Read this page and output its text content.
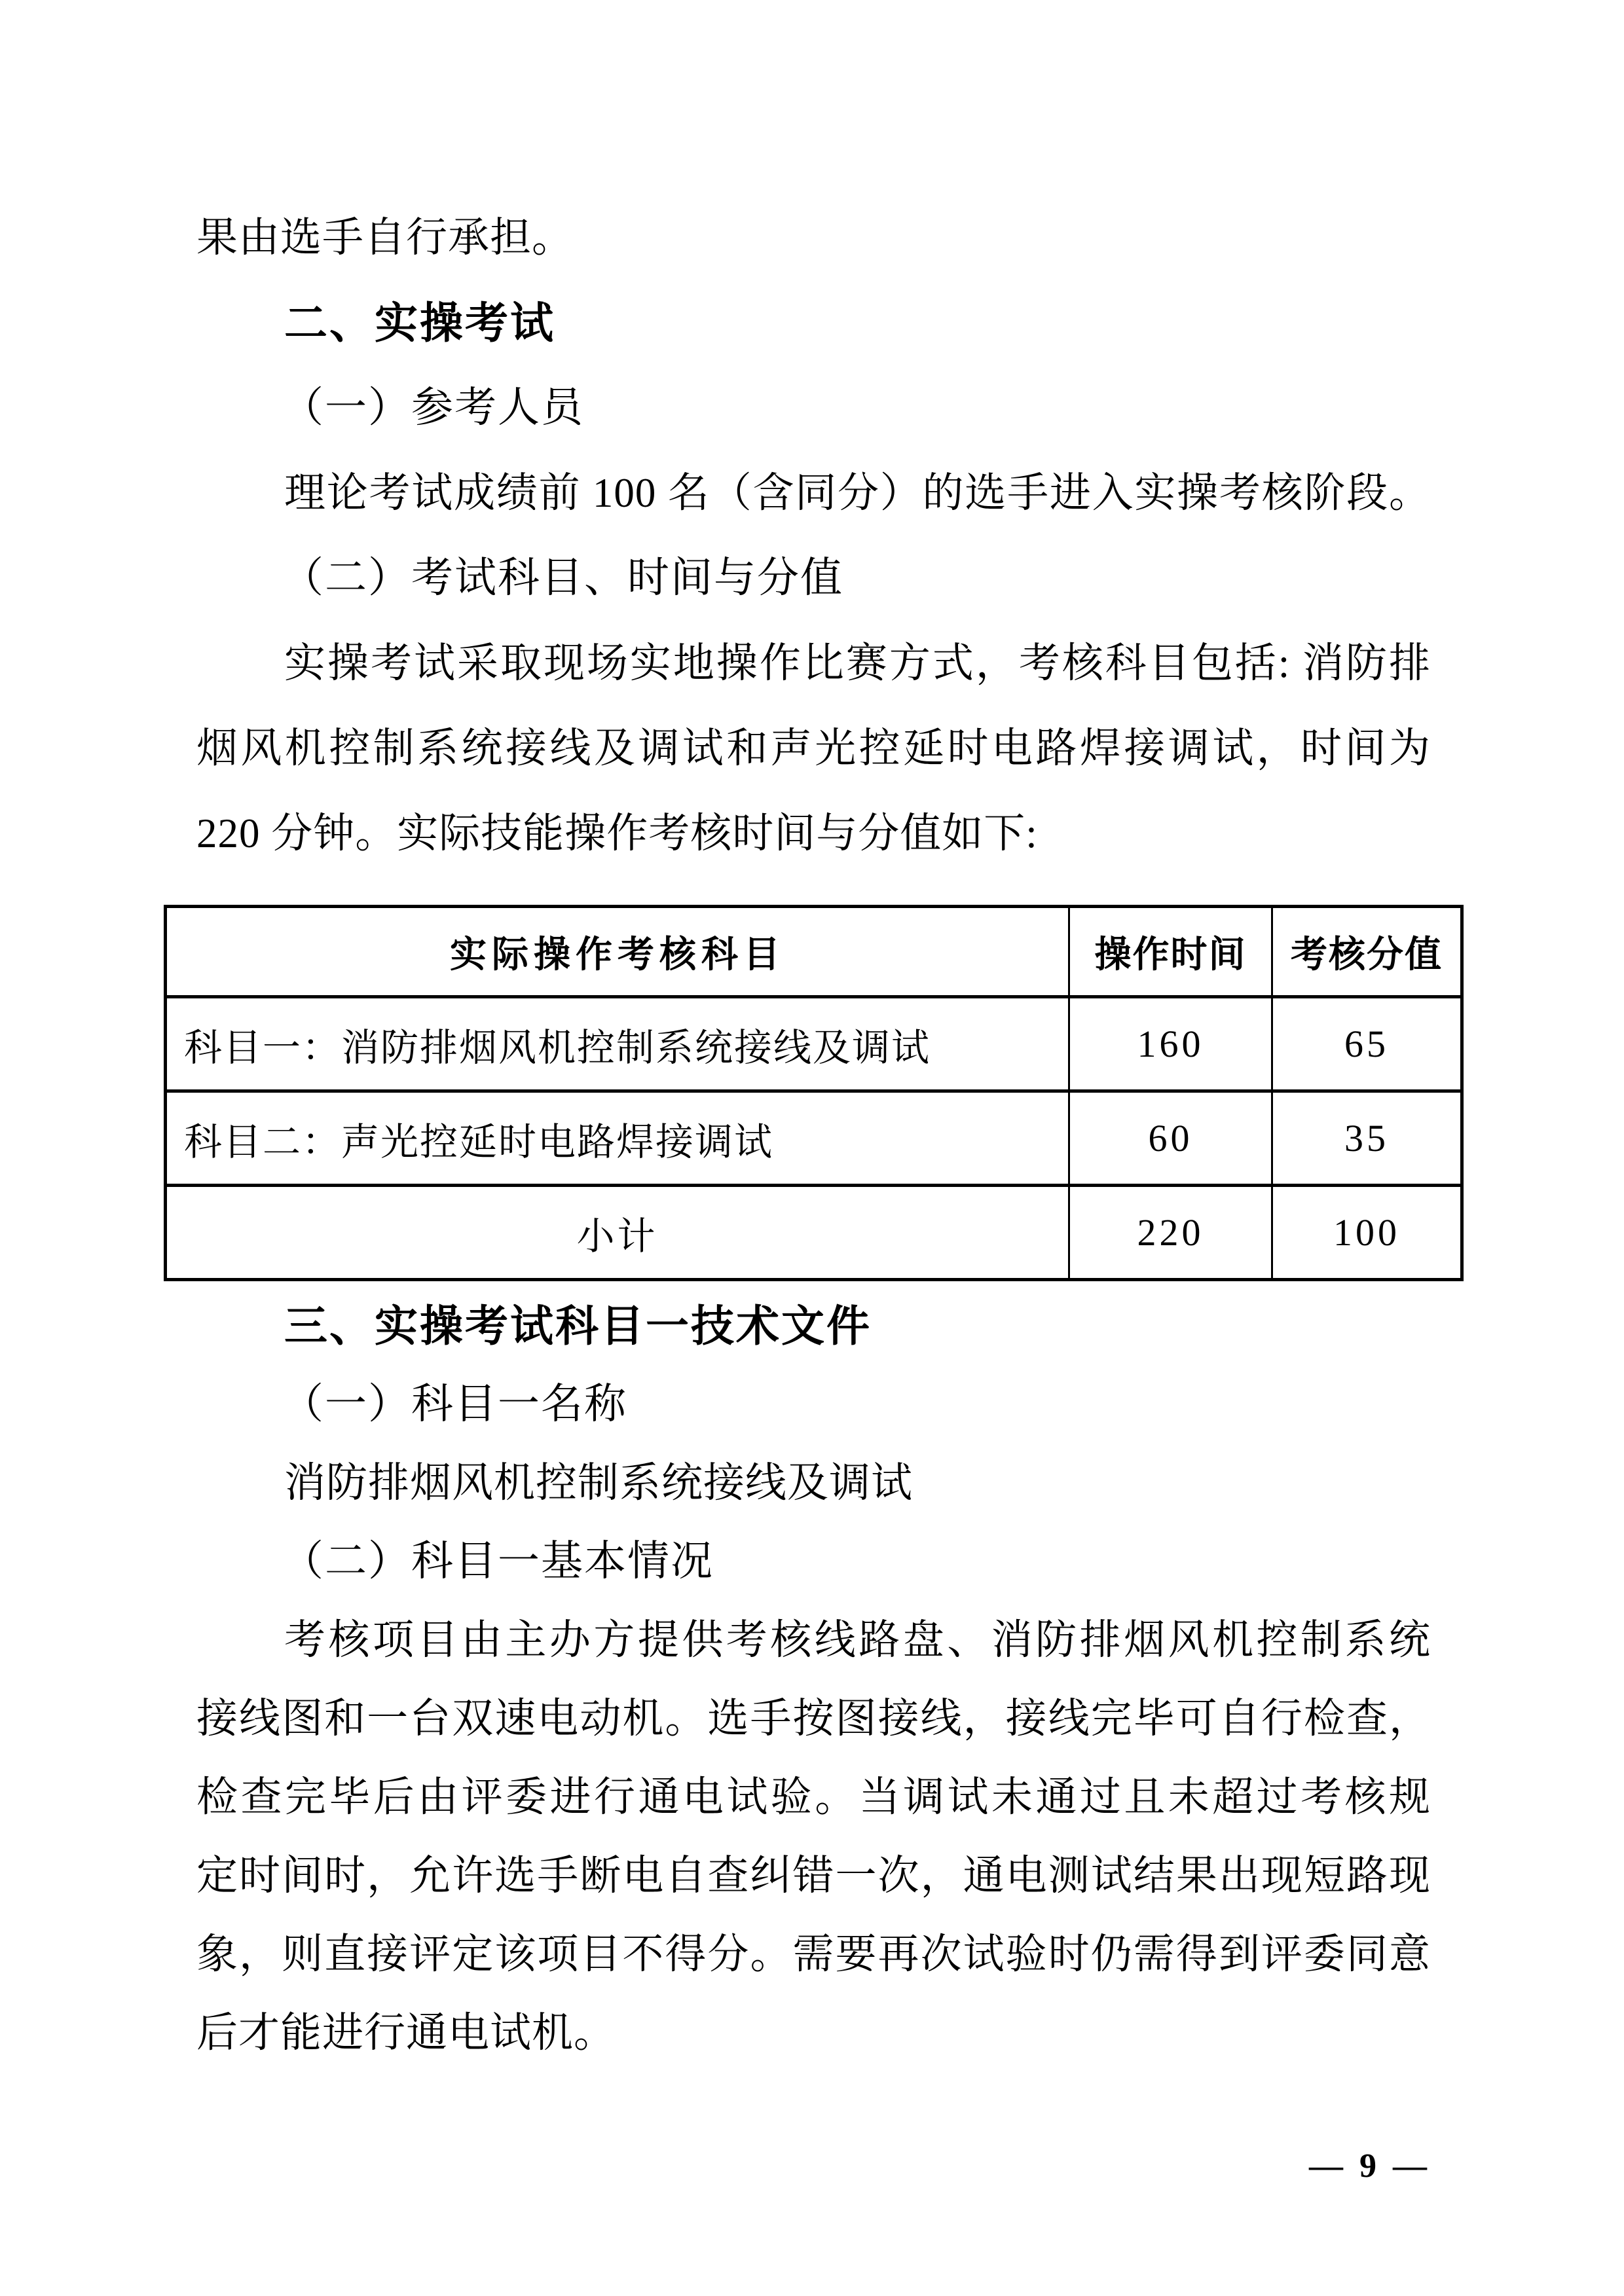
果由选手自行承担。
二、实操考试
（一）参考人员
理论考试成绩前 100 名（含同分）的选手进入实操考核阶段。
（二）考试科目、时间与分值
实操考试采取现场实地操作比赛方式，考核科目包括: 消防排
烟风机控制系统接线及调试和声光控延时电路焊接调试，时间为
220 分钟。实际技能操作考核时间与分值如下:
实际操作考核科目	操作时间	考核分值
科目一：消防排烟风机控制系统接线及调试	160	65
科目二：声光控延时电路焊接调试	60	35
小计	220	100
三、实操考试科目一技术文件
（一）科目一名称
消防排烟风机控制系统接线及调试
（二）科目一基本情况
考核项目由主办方提供考核线路盘、消防排烟风机控制系统
接线图和一台双速电动机。选手按图接线，接线完毕可自行检查，
检查完毕后由评委进行通电试验。当调试未通过且未超过考核规
定时间时，允许选手断电自查纠错一次，通电测试结果出现短路现
象，则直接评定该项目不得分。需要再次试验时仍需得到评委同意
后才能进行通电试机。
— 9 —
